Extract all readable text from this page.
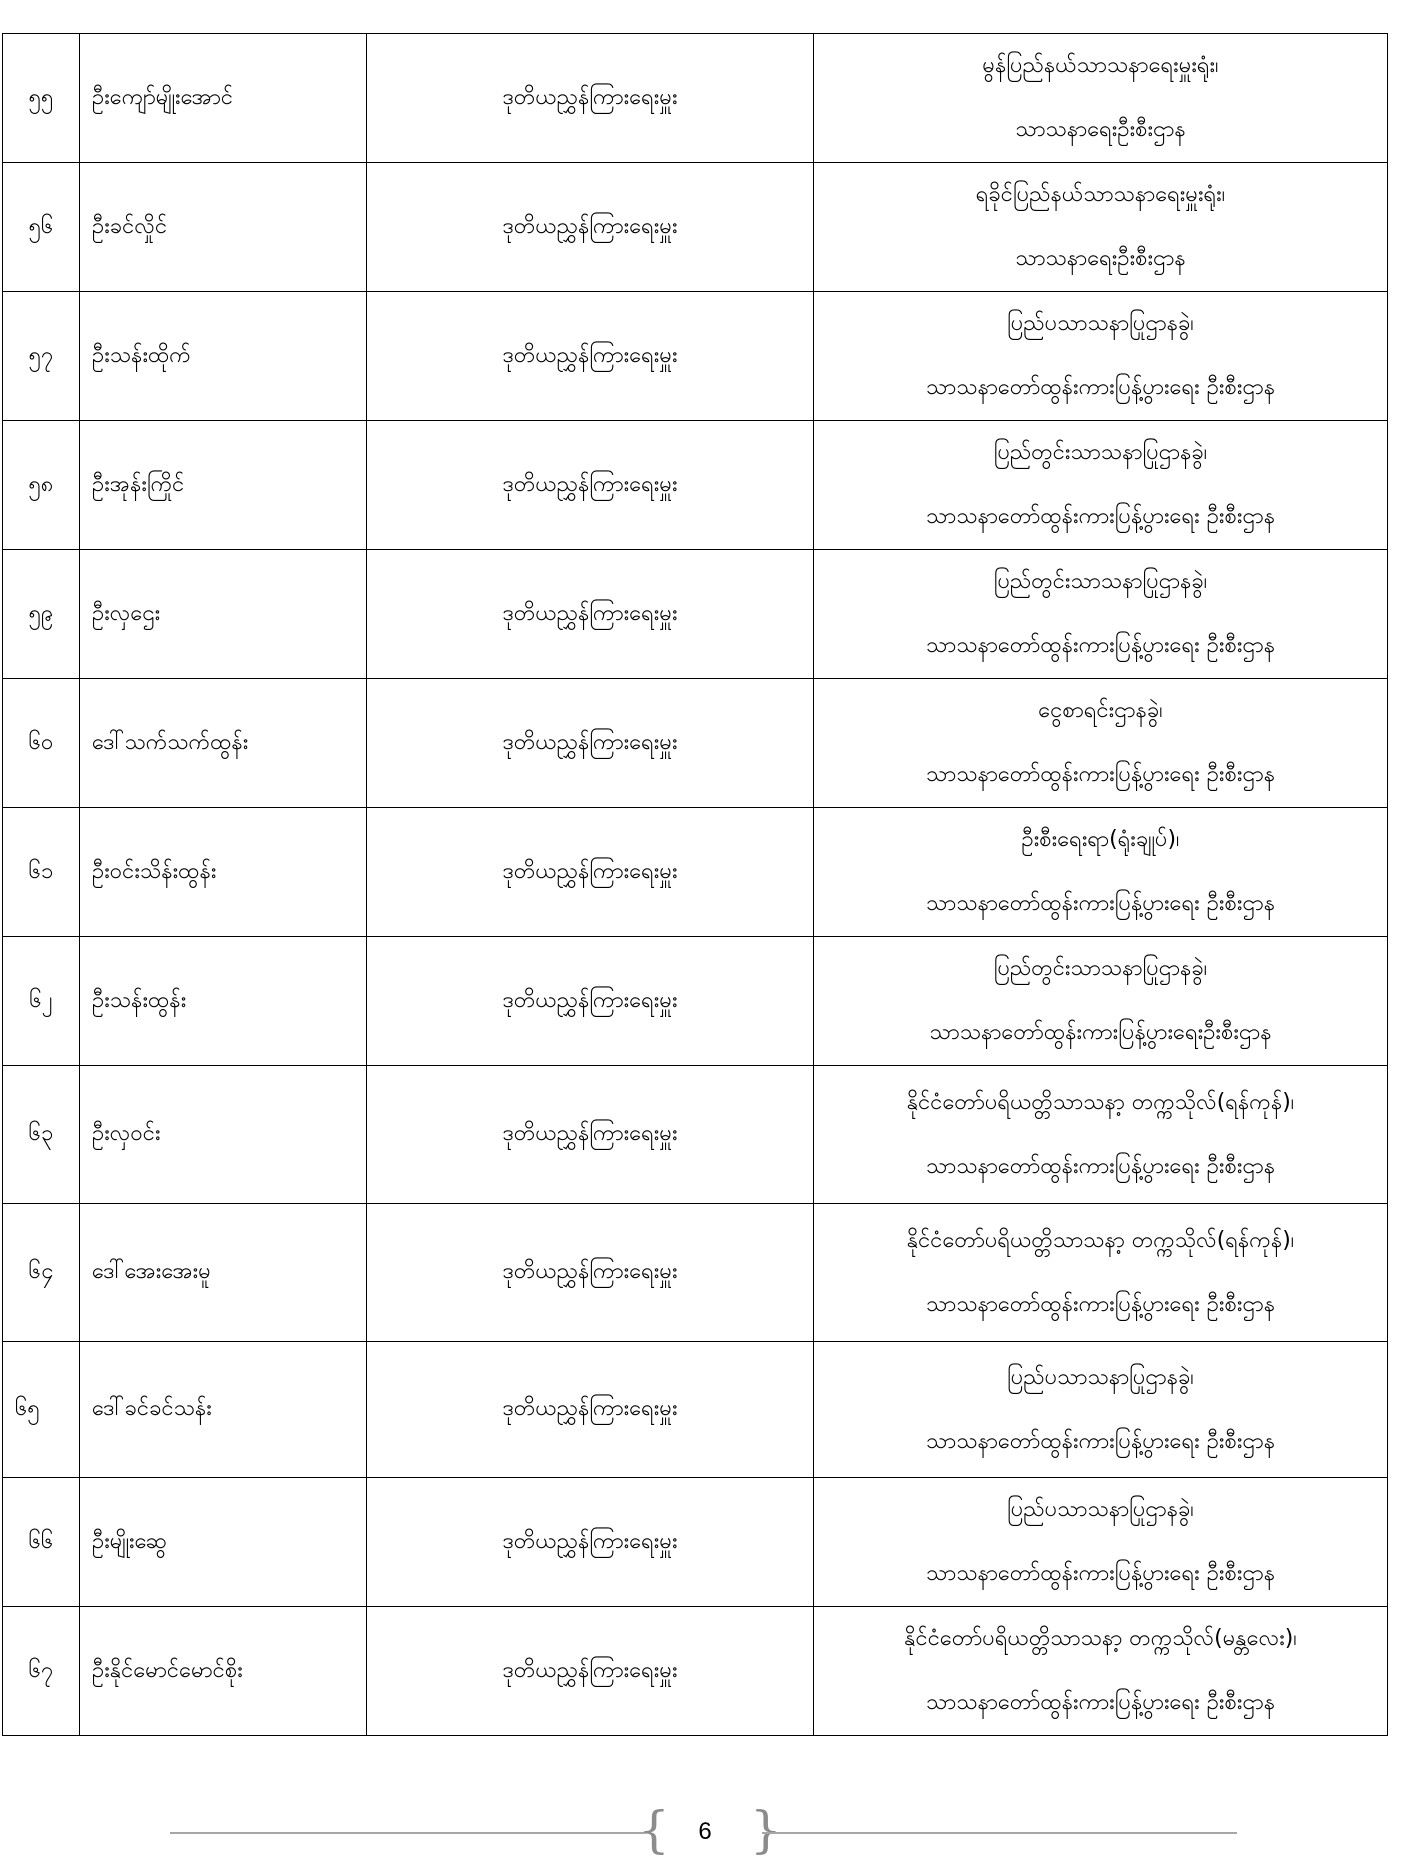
၅၅	ဦးကျော်မျိုးအောင်	ဒုတိယညွှန်ကြားရေးမှူး	မွန်ပြည်နယ်သာသနာရေးမှူးရုံး၊
သာသနာရေးဦးစီးဌာန

၅၆	ဦးခင်လှိုင်	ဒုတိယညွှန်ကြားရေးမှူး	ရခိုင်ပြည်နယ်သာသနာရေးမှူးရုံး၊
သာသနာရေးဦးစီးဌာန

၅၇	ဦးသန်းထိုက်	ဒုတိယညွှန်ကြားရေးမှူး	ပြည်ပသာသနာပြုဌာနခွဲ၊
သာသနာတော်ထွန်းကားပြန့်ပွားရေး ဦးစီးဌာန

၅၈	ဦးအုန်းကြိုင်	ဒုတိယညွှန်ကြားရေးမှူး	ပြည်တွင်းသာသနာပြုဌာနခွဲ၊
သာသနာတော်ထွန်းကားပြန့်ပွားရေး ဦးစီးဌာန

၅၉	ဦးလှဌေး	ဒုတိယညွှန်ကြားရေးမှူး	ပြည်တွင်းသာသနာပြုဌာနခွဲ၊
သာသနာတော်ထွန်းကားပြန့်ပွားရေး ဦးစီးဌာန

၆၀	ဒေါ်သက်သက်ထွန်း	ဒုတိယညွှန်ကြားရေးမှူး	ငွေစာရင်းဌာနခွဲ၊
သာသနာတော်ထွန်းကားပြန့်ပွားရေး ဦးစီးဌာန

၆၁	ဦးဝင်းသိန်းထွန်း	ဒုတိယညွှန်ကြားရေးမှူး	ဦးစီးရေးရာ(ရုံးချုပ်)၊
သာသနာတော်ထွန်းကားပြန့်ပွားရေး ဦးစီးဌာန

၆၂	ဦးသန်းထွန်း	ဒုတိယညွှန်ကြားရေးမှူး	ပြည်တွင်းသာသနာပြုဌာနခွဲ၊
သာသနာတော်ထွန်းကားပြန့်ပွားရေးဦးစီးဌာန

၆၃	ဦးလှဝင်း	ဒုတိယညွှန်ကြားရေးမှူး	နိုင်ငံတော်ပရိယတ္တိသာသနာ့ တက္ကသိုလ်(ရန်ကုန်)၊
သာသနာတော်ထွန်းကားပြန့်ပွားရေး ဦးစီးဌာန

၆၄	ဒေါ်အေးအေးမူ	ဒုတိယညွှန်ကြားရေးမှူး	နိုင်ငံတော်ပရိယတ္တိသာသနာ့ တက္ကသိုလ်(ရန်ကုန်)၊
သာသနာတော်ထွန်းကားပြန့်ပွားရေး ဦးစီးဌာန

၆၅	ဒေါ်ခင်ခင်သန်း	ဒုတိယညွှန်ကြားရေးမှူး	ပြည်ပသာသနာပြုဌာနခွဲ၊
သာသနာတော်ထွန်းကားပြန့်ပွားရေး ဦးစီးဌာန

၆၆	ဦးမျိုးဆွေ	ဒုတိယညွှန်ကြားရေးမှူး	ပြည်ပသာသနာပြုဌာနခွဲ၊
သာသနာတော်ထွန်းကားပြန့်ပွားရေး ဦးစီးဌာန

၆၇	ဦးနိုင်မောင်မောင်စိုး	ဒုတိယညွှန်ကြားရေးမှူး	နိုင်ငံတော်ပရိယတ္တိသာသနာ့ တက္ကသိုလ်(မန္တလေး)၊
သာသနာတော်ထွန်းကားပြန့်ပွားရေး ဦးစီးဌာန
{	6 }
